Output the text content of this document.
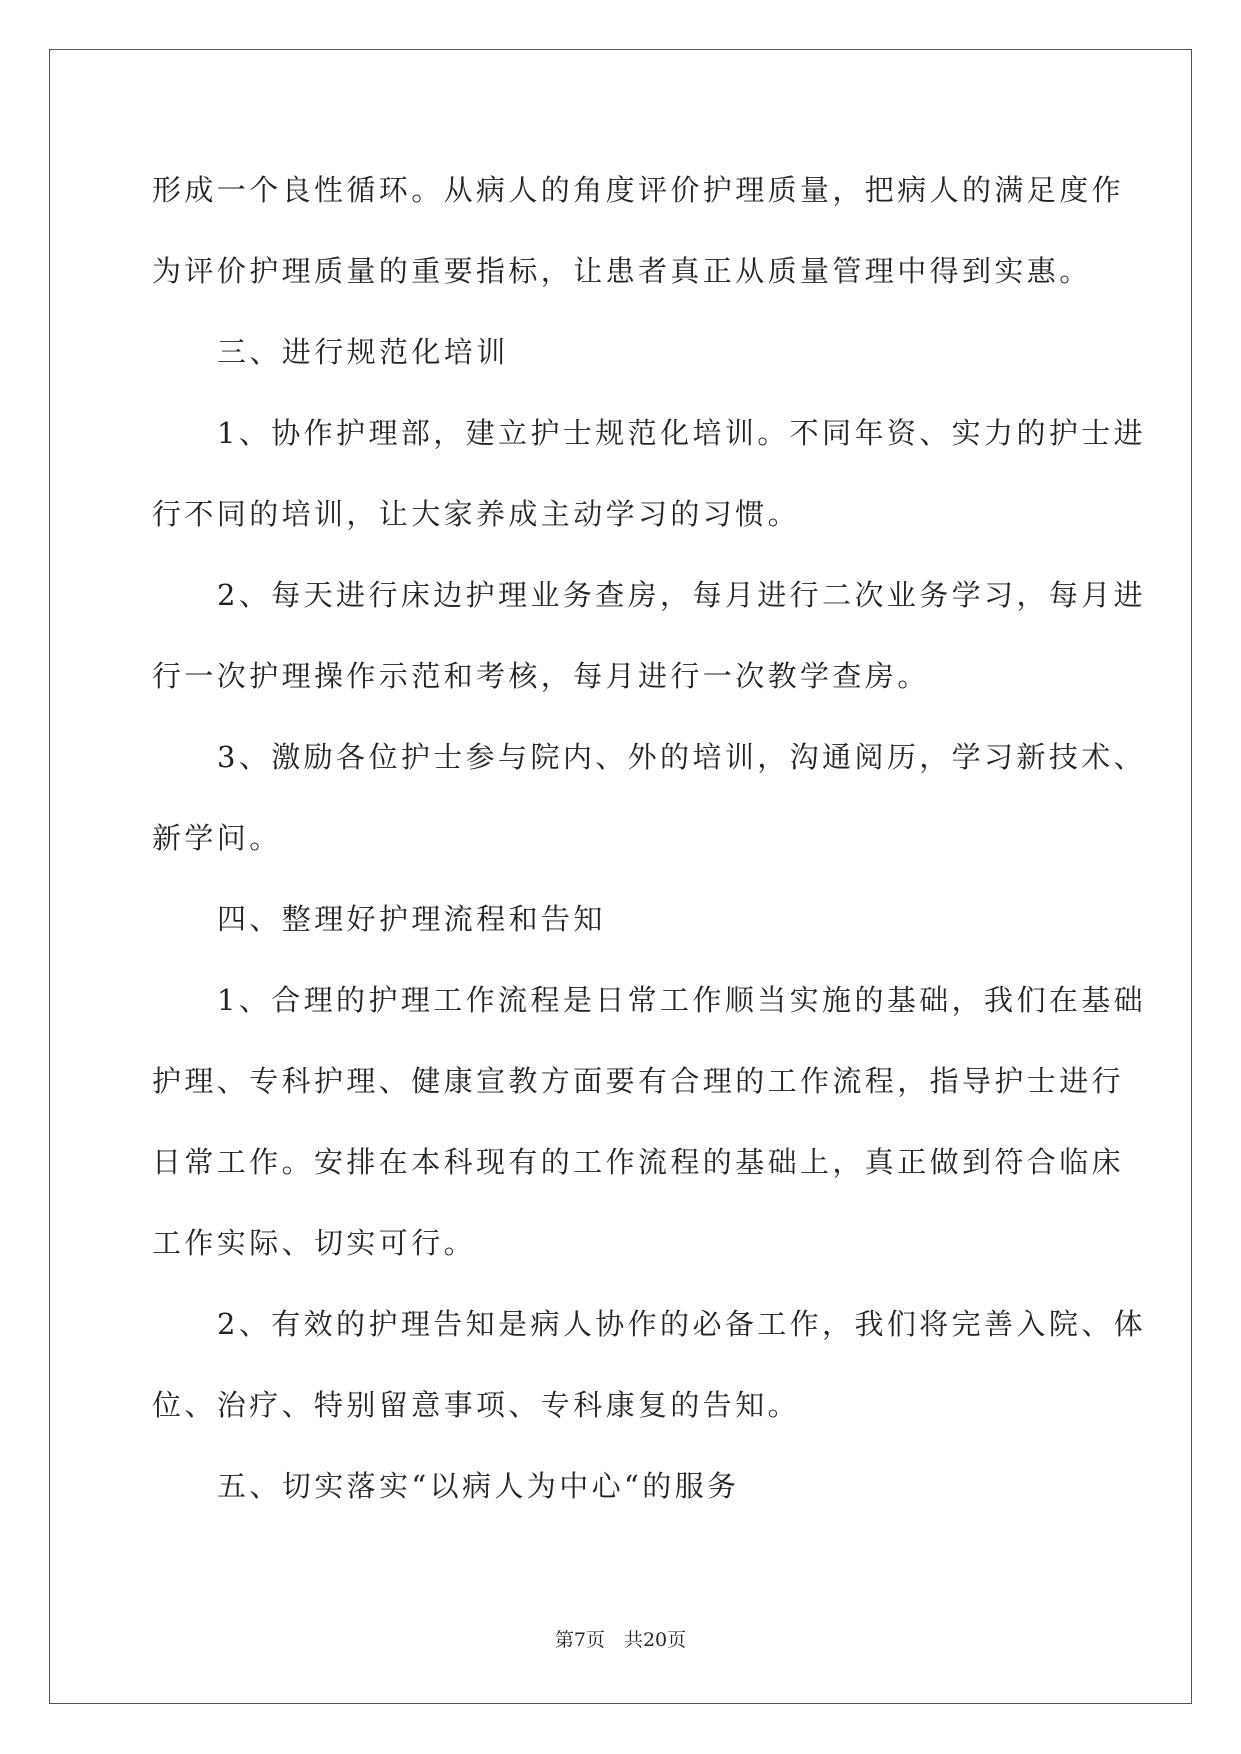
形成一个良性循环。从病人的角度评价护理质量，把病人的满足度作
为评价护理质量的重要指标，让患者真正从质量管理中得到实惠。
三、进行规范化培训
1、协作护理部，建立护士规范化培训。不同年资、实力的护士进
行不同的培训，让大家养成主动学习的习惯。
2、每天进行床边护理业务查房，每月进行二次业务学习，每月进
行一次护理操作示范和考核，每月进行一次教学查房。
3、激励各位护士参与院内、外的培训，沟通阅历，学习新技术、
新学问。
四、整理好护理流程和告知
1、合理的护理工作流程是日常工作顺当实施的基础，我们在基础
护理、专科护理、健康宣教方面要有合理的工作流程，指导护士进行
日常工作。安排在本科现有的工作流程的基础上，真正做到符合临床
工作实际、切实可行。
2、有效的护理告知是病人协作的必备工作，我们将完善入院、体
位、治疗、特别留意事项、专科康复的告知。
五、切实落实“以病人为中心“的服务
第7页　共20页
